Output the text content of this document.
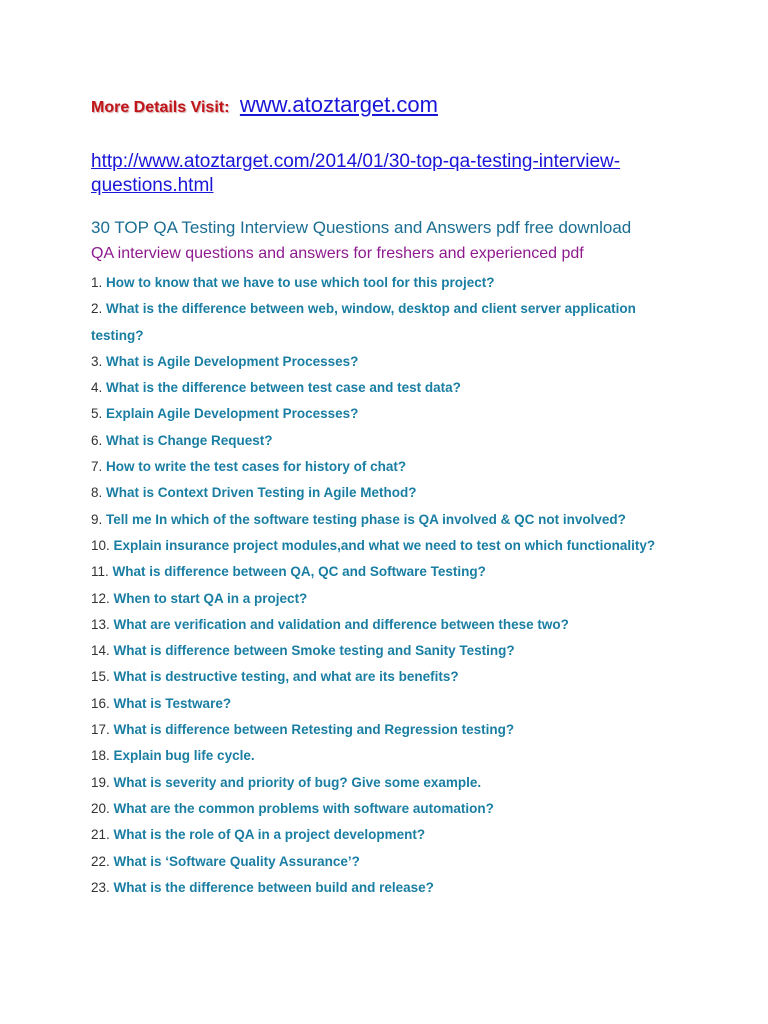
More Details Visit: www.atoztarget.com
http://www.atoztarget.com/2014/01/30-top-qa-testing-interview-questions.html
30 TOP QA Testing Interview Questions and Answers pdf free download
QA interview questions and answers for freshers and experienced pdf
1. How to know that we have to use which tool for this project?
2. What is the difference between web, window, desktop and client server application testing?
3. What is Agile Development Processes?
4. What is the difference between test case and test data?
5. Explain Agile Development Processes?
6. What is Change Request?
7. How to write the test cases for history of chat?
8. What is Context Driven Testing in Agile Method?
9. Tell me In which of the software testing phase is QA involved & QC not involved?
10. Explain insurance project modules,and what we need to test on which functionality?
11. What is difference between QA, QC and Software Testing?
12. When to start QA in a project?
13. What are verification and validation and difference between these two?
14. What is difference between Smoke testing and Sanity Testing?
15. What is destructive testing, and what are its benefits?
16. What is Testware?
17. What is difference between Retesting and Regression testing?
18. Explain bug life cycle.
19. What is severity and priority of bug? Give some example.
20. What are the common problems with software automation?
21. What is the role of QA in a project development?
22. What is ‘Software Quality Assurance’?
23. What is the difference between build and release?
